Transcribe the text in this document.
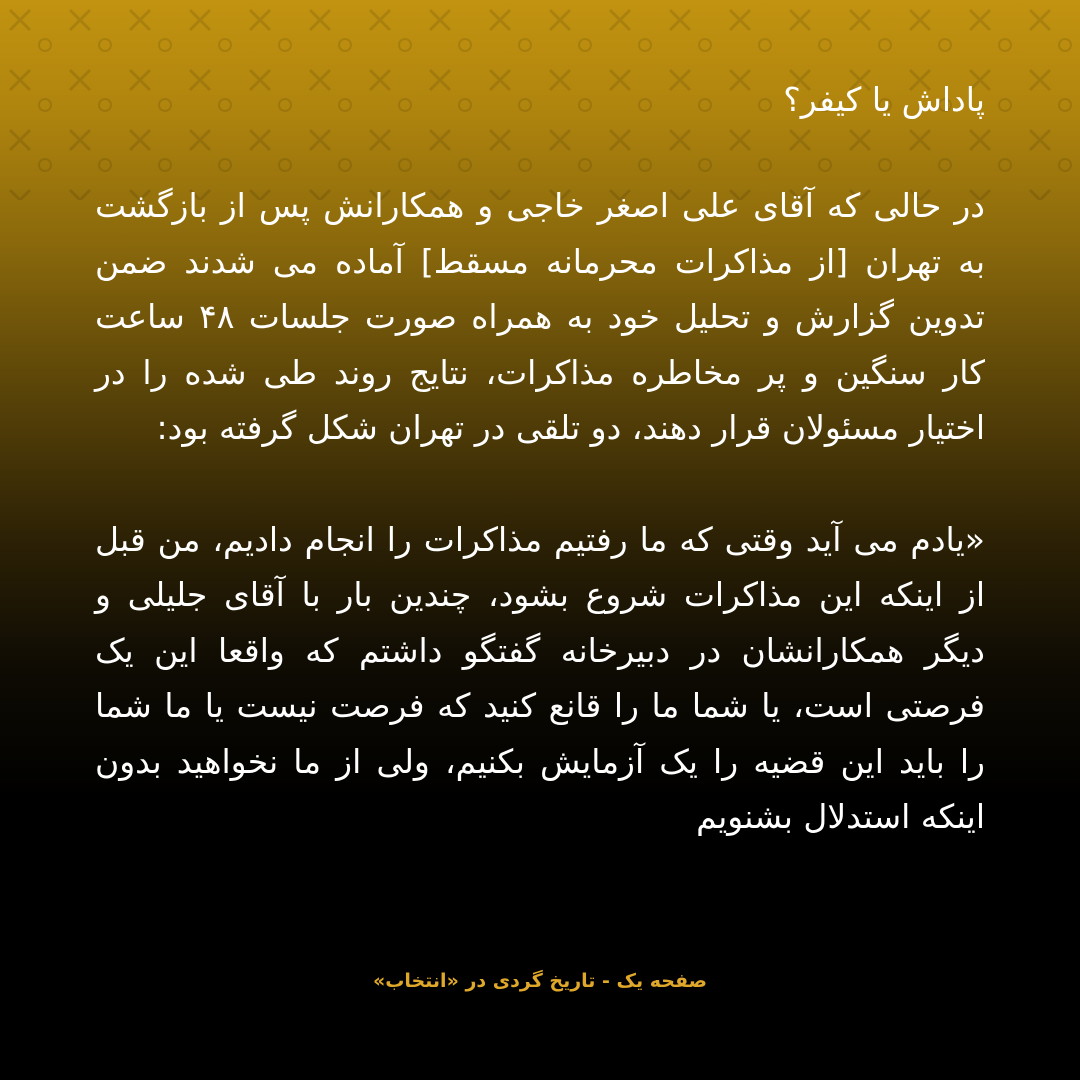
پاداش یا کیفر؟

در حالی که آقای علی اصغر خاجی و همکارانش پس از بازگشت به تهران [از مذاکرات محرمانه مسقط] آماده می شدند ضمن تدوین گزارش و تحلیل خود به همراه صورت جلسات ۴۸ ساعت کار سنگین و پر مخاطره مذاکرات، نتایج روند طی شده را در اختیار مسئولان قرار دهند، دو تلقی در تهران شکل گرفته بود:

«یادم می آید وقتی که ما رفتیم مذاکرات را انجام دادیم، من قبل از اینکه این مذاکرات شروع بشود، چندین بار با آقای جلیلی و دیگر همکارانشان در دبیرخانه گفتگو داشتم که واقعا این یک فرصتی است، یا شما ما را قانع کنید که فرصت نیست یا ما شما را باید این قضیه را یک آزمایش بکنیم، ولی از ما نخواهید بدون اینکه استدلال بشنویم

صفحه یک - تاریخ گردی در «انتخاب»
